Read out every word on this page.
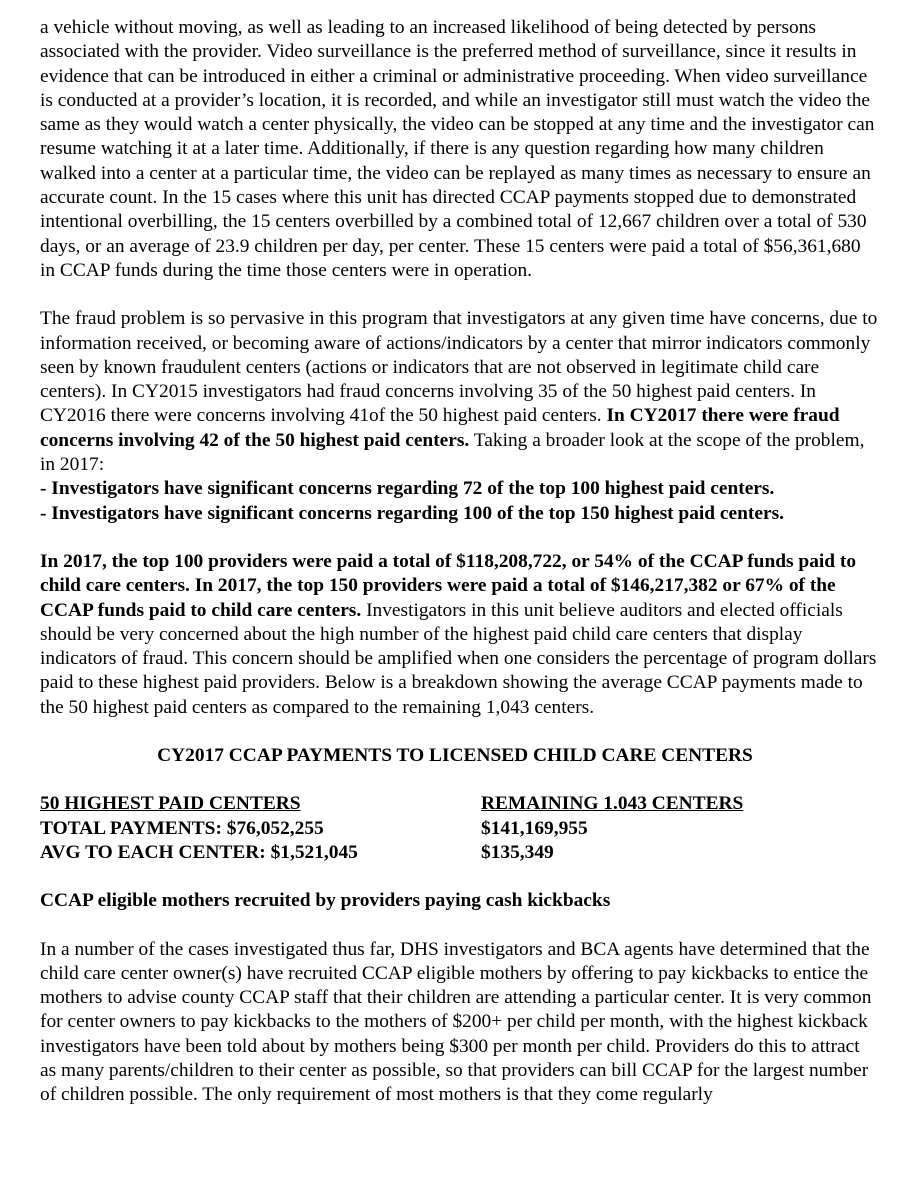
a vehicle without moving, as well as leading to an increased likelihood of being detected by persons associated with the provider. Video surveillance is the preferred method of surveillance, since it results in evidence that can be introduced in either a criminal or administrative proceeding. When video surveillance is conducted at a provider’s location, it is recorded, and while an investigator still must watch the video the same as they would watch a center physically, the video can be stopped at any time and the investigator can resume watching it at a later time. Additionally, if there is any question regarding how many children walked into a center at a particular time, the video can be replayed as many times as necessary to ensure an accurate count. In the 15 cases where this unit has directed CCAP payments stopped due to demonstrated intentional overbilling, the 15 centers overbilled by a combined total of 12,667 children over a total of 530 days, or an average of 23.9 children per day, per center. These 15 centers were paid a total of $56,361,680 in CCAP funds during the time those centers were in operation.

The fraud problem is so pervasive in this program that investigators at any given time have concerns, due to information received, or becoming aware of actions/indicators by a center that mirror indicators commonly seen by known fraudulent centers (actions or indicators that are not observed in legitimate child care centers). In CY2015 investigators had fraud concerns involving 35 of the 50 highest paid centers. In CY2016 there were concerns involving 41of the 50 highest paid centers. In CY2017 there were fraud concerns involving 42 of the 50 highest paid centers. Taking a broader look at the scope of the problem, in 2017:

- Investigators have significant concerns regarding 72 of the top 100 highest paid centers.

- Investigators have significant concerns regarding 100 of the top 150 highest paid centers.

In 2017, the top 100 providers were paid a total of $118,208,722, or 54% of the CCAP funds paid to child care centers. In 2017, the top 150 providers were paid a total of $146,217,382 or 67% of the CCAP funds paid to child care centers. Investigators in this unit believe auditors and elected officials should be very concerned about the high number of the highest paid child care centers that display indicators of fraud. This concern should be amplified when one considers the percentage of program dollars paid to these highest paid providers. Below is a breakdown showing the average CCAP payments made to the 50 highest paid centers as compared to the remaining 1,043 centers.

CY2017 CCAP PAYMENTS TO LICENSED CHILD CARE CENTERS

50 HIGHEST PAID CENTERS	REMAINING 1.043 CENTERS
TOTAL PAYMENTS: $76,052,255	$141,169,955
AVG TO EACH CENTER: $1,521,045	$135,349

CCAP eligible mothers recruited by providers paying cash kickbacks

In a number of the cases investigated thus far, DHS investigators and BCA agents have determined that the child care center owner(s) have recruited CCAP eligible mothers by offering to pay kickbacks to entice the mothers to advise county CCAP staff that their children are attending a particular center. It is very common for center owners to pay kickbacks to the mothers of $200+ per child per month, with the highest kickback investigators have been told about by mothers being $300 per month per child. Providers do this to attract as many parents/children to their center as possible, so that providers can bill CCAP for the largest number of children possible. The only requirement of most mothers is that they come regularly
